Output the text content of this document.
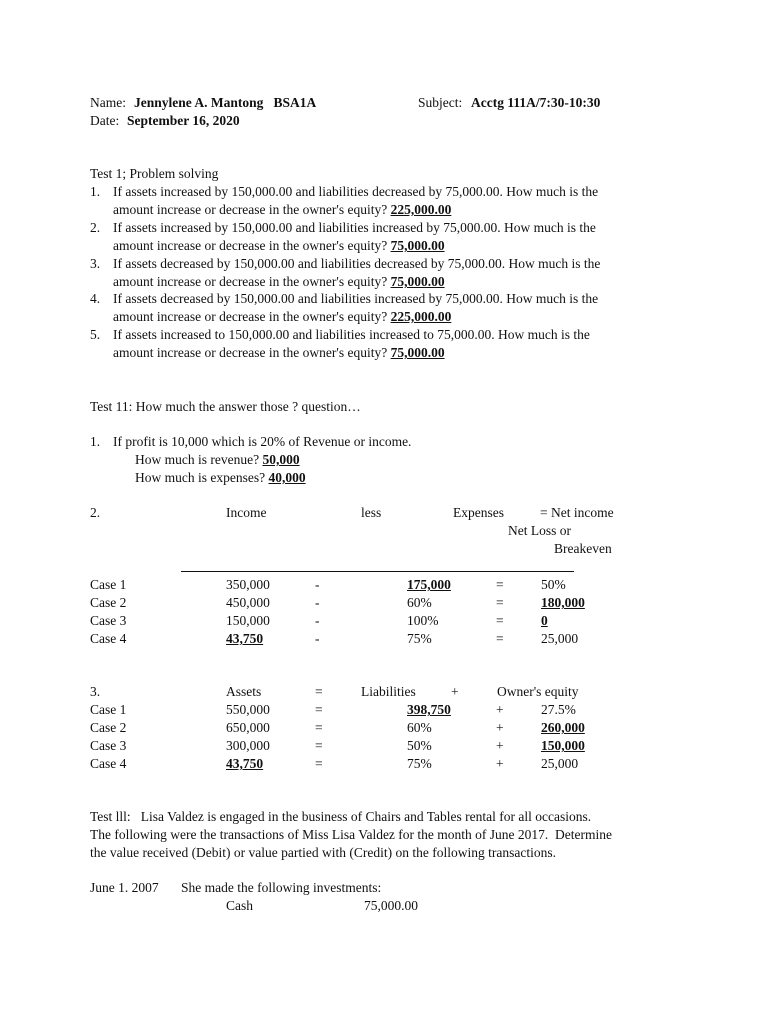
Name: Jennylene A. Mantong   BSA1A	Subject: Acctg 111A/7:30-10:30
Date: September 16, 2020
Test 1; Problem solving
1. If assets increased by 150,000.00 and liabilities decreased by 75,000.00. How much is the
amount increase or decrease in the owner's equity? 225,000.00
2. If assets increased by 150,000.00 and liabilities increased by 75,000.00. How much is the
amount increase or decrease in the owner's equity? 75,000.00
3. If assets decreased by 150,000.00 and liabilities decreased by 75,000.00. How much is the
amount increase or decrease in the owner's equity? 75,000.00
4. If assets decreased by 150,000.00 and liabilities increased by 75,000.00. How much is the
amount increase or decrease in the owner's equity? 225,000.00
5. If assets increased to 150,000.00 and liabilities increased to 75,000.00. How much is the
amount increase or decrease in the owner's equity? 75,000.00
Test 11: How much the answer those ? question…
1. If profit is 10,000 which is 20% of Revenue or income.
How much is revenue? 50,000
How much is expenses? 40,000
2.	Income	less	Expenses	= Net income
Net Loss or
Breakeven
Case 1	350,000	-	175,000	=	50%
Case 2	450,000	-	60%	=	180,000
Case 3	150,000	-	100%	=	0
Case 4	43,750	-	75%	=	25,000
3.	Assets	=	Liabilities	+	Owner's equity
Case 1	550,000	=	398,750	+	27.5%
Case 2	650,000	=	60%	+	260,000
Case 3	300,000	=	50%	+	150,000
Case 4	43,750	=	75%	+	25,000
Test lll:   Lisa Valdez is engaged in the business of Chairs and Tables rental for all occasions.
The following were the transactions of Miss Lisa Valdez for the month of June 2017.  Determine
the value received (Debit) or value partied with (Credit) on the following transactions.
June 1. 2007 She made the following investments:
Cash	75,000.00
